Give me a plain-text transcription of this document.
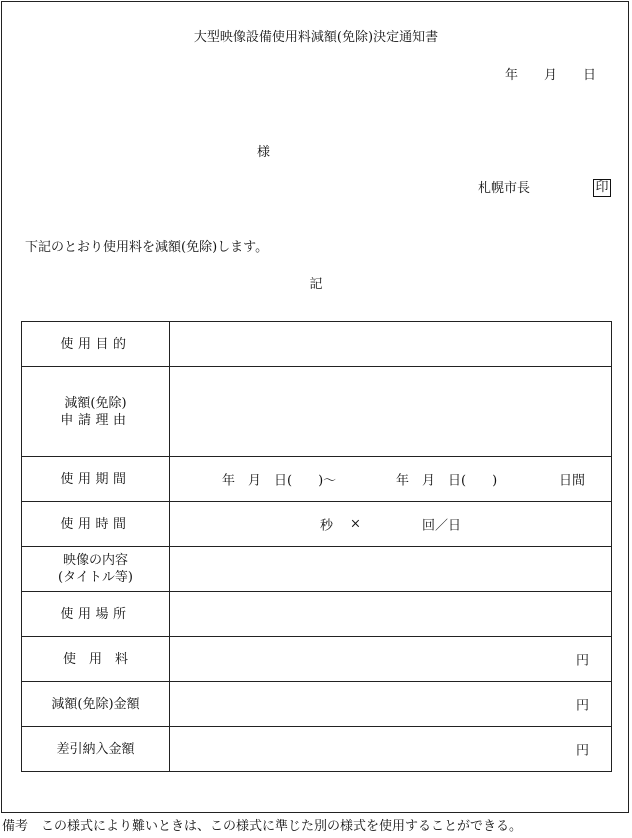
大型映像設備使用料減額(免除)決定通知書
年　　月　　日
様
札幌市長	印
下記のとおり使用料を減額(免除)します。
記
使用目的	

減額(免除)
申請理由	

使用期間	年　月　日(　　)〜 年　月　日(　　) 日間

使用時間	秒 × 回／日

映像の内容
(タイトル等)	

使用場所	
使　用　料	円

減額(免除)金額	円

差引納入金額	円
備考　この様式により難いときは、この様式に準じた別の様式を使用することができる。
